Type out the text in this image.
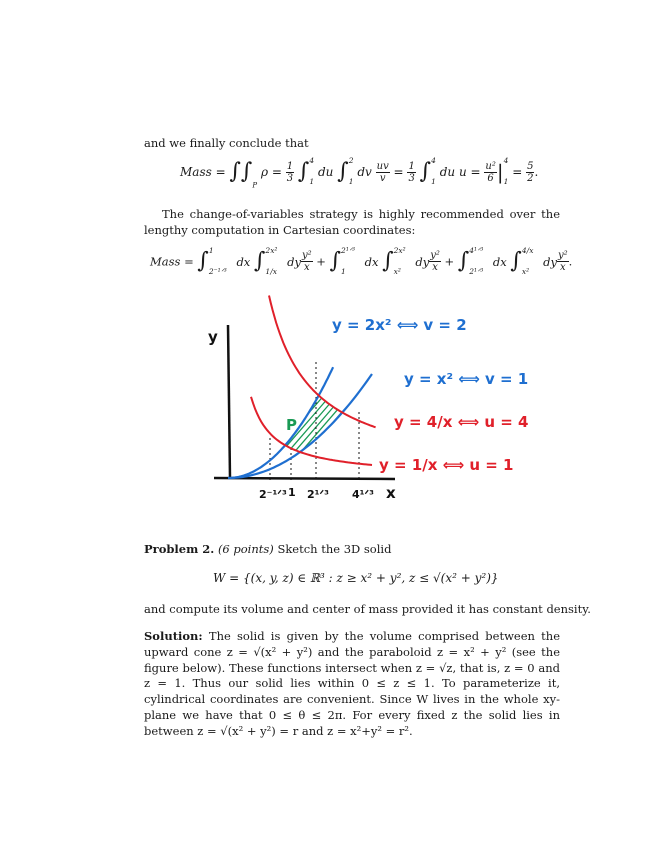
and we finally conclude that
Mass = $\int\int_P$ $\rho = \frac{1}{3}$ ∫ 4
1
du ∫ 2
1
dv $\frac{uv}{v} = \frac{1}{3}$ ∫ 4
1
du $u = \frac{\text{u²}}{6}$ | 4
1
= $\frac{5}{2}$ .
The change-of-variables strategy is highly recommended over the lengthy computation in Cartesian coordinates:
Mass = ∫ 1
2⁻¹ᐟ³
dx ∫ 2x²
1/x
dy $\frac{\text{y²}}{x}$ + ∫ 2¹ᐟ³
1
dx ∫ 2x²
x²
dy $\frac{\text{y²}}{x}$ + ∫ 4¹ᐟ³
2¹ᐟ³
dx ∫ 4/x
x²
dy $\frac{\text{y²}}{x}$ .
y
x
P
y = 2x² ⟺ v = 2
y = x² ⟺ v = 1
y = 4/x ⟺ u = 4
y = 1/x ⟺ u = 1
2⁻¹ᐟ³ 1 2¹ᐟ³ 4¹ᐟ³
Problem 2. (6 points) Sketch the 3D solid
W = {(x, y, z) ∈ ℝ³ : z ≥ x² + y², z ≤ √(x² + y²)}
and compute its volume and center of mass provided it has constant density.
Solution: The solid is given by the volume comprised between the upward cone z = √(x² + y²) and the paraboloid z = x² + y² (see the figure below). These functions intersect when z = √z, that is, z = 0 and z = 1. Thus our solid lies within 0 ≤ z ≤ 1. To parameterize it, cylindrical coordinates are convenient. Since W lives in the whole xy-plane we have that 0 ≤ θ ≤ 2π. For every fixed z the solid lies in between z = √(x² + y²) = r and z = x²+y² = r².
